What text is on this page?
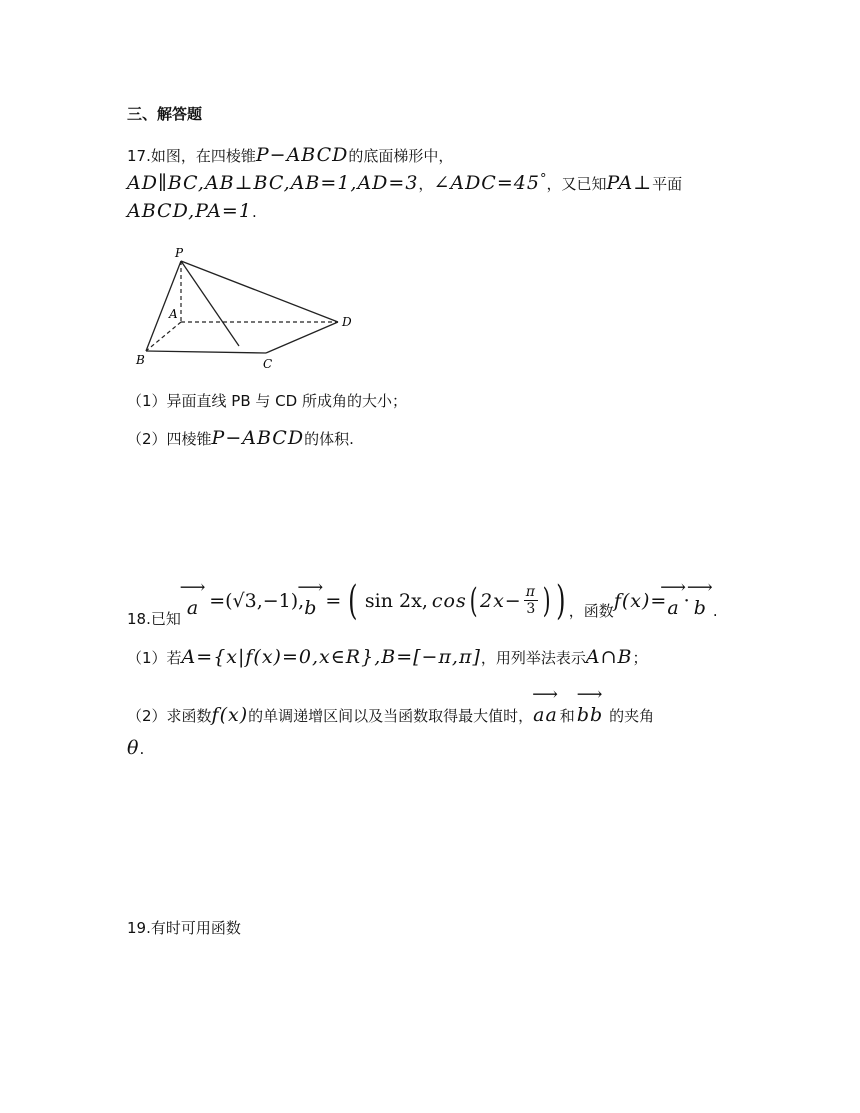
三、解答题
17.如图，在四棱锥P−ABCD的底面梯形中，
AD∥BC,AB⊥BC,AB=1,AD=3，∠ADC=45°，又已知PA⊥平面
ABCD,PA=1.
P
A
B	C
D
（1）异面直线 PB 与 CD 所成角的大小；
（2）四棱锥P−ABCD的体积.
18.已知
⟶ a =(√3,−1), ⟶ b = ( sin 2x, cos ( $2x- \frac{\pi}{3}$ ) ) ，函数 f(x)= ⟶ a · ⟶ b .
（1）若A={x|f(x)=0,x∈R},B=[−π,π]，用列举法表示A∩B；
（2）求函数 f(x) 的单调递增区间以及当函数取得最大值时， ⟶ aa 和 ⟶ bb 的夹角
θ.
19.有时可用函数
